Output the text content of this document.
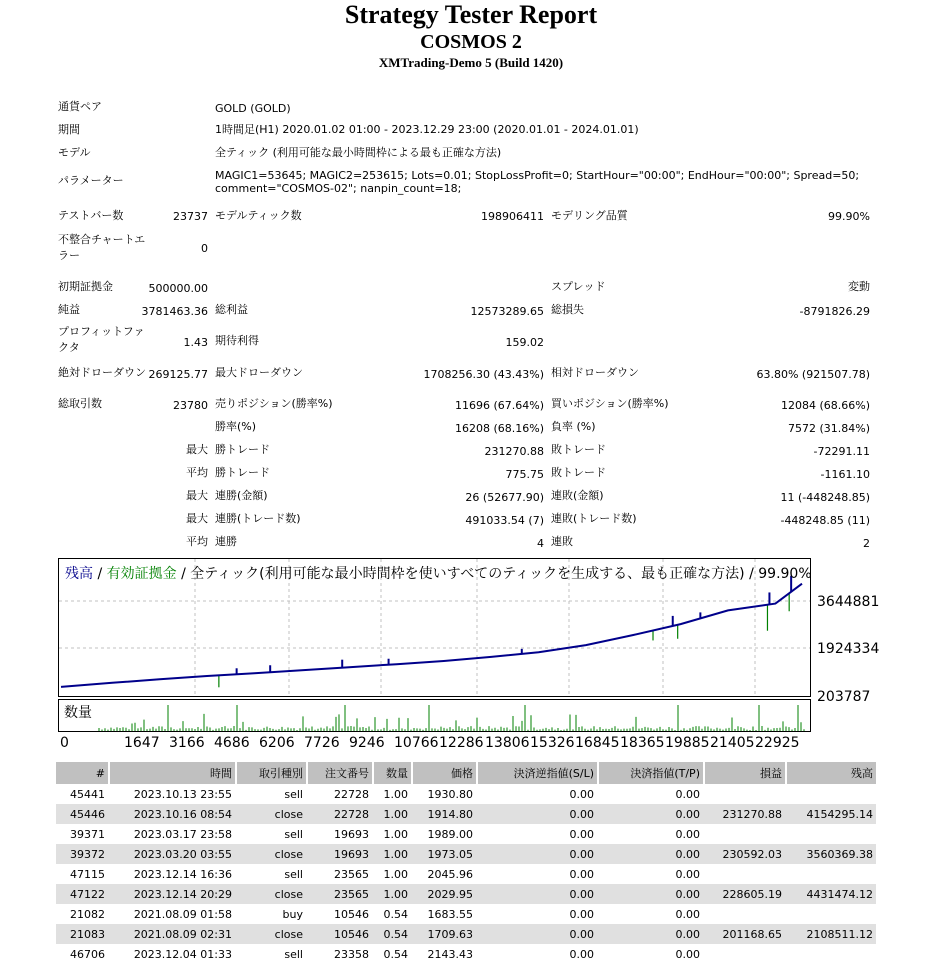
Strategy Tester Report
COSMOS 2
XMTrading-Demo 5 (Build 1420)
通貨ペア	GOLD (GOLD)
期間	1時間足(H1) 2020.01.02 01:00 - 2023.12.29 23:00 (2020.01.01 - 2024.01.01)
モデル	全ティック (利用可能な最小時間枠による最も正確な方法)
パラメーター	MAGIC1=53645; MAGIC2=253615; Lots=0.01; StopLossProfit=0; StartHour="00:00"; EndHour="00:00"; Spread=50;
comment="COSMOS-02"; nanpin_count=18;
テストバー数	23737 モデルティック数	198906411 モデリング品質	99.90%
不整合チャートエラー
0
初期証拠金	500000.00	スプレッド	変動
純益	3781463.36 総利益	12573289.65 総損失	-8791826.29
プロフィットファクタ	1.43 期待利得	159.02
絶対ドローダウン 269125.77 最大ドローダウン	1708256.30 (43.43%) 相対ドローダウン	63.80% (921507.78)
総取引数	23780 売りポジション(勝率%)	11696 (67.64%) 買いポジション(勝率%)	12084 (68.66%)
勝率(%)	16208 (68.16%) 負率 (%)	7572 (31.84%)
最大 勝トレード	231270.88 敗トレード	-72291.11
平均 勝トレード	775.75 敗トレード	-1161.10
最大 連勝(金額)	26 (52677.90) 連敗(金額)	11 (-448248.85)
最大 連勝(トレード数)	491033.54 (7) 連敗(トレード数)	-448248.85 (11)
平均 連勝	4 連敗	2
残高 / 有効証拠金 / 全ティック(利用可能な最小時間枠を使いすべてのティックを生成する、最も正確な方法) / 99.90%
3644881
1924334
203787
数量
0	1647 3166 4686 6206 7726 9246 10766 12286 13806 15326 16845 18365 19885 21405 22925
#	時間	取引種別	注文番号	数量	価格	決済逆指値(S/L)	決済指値(T/P)	損益	残高
45441	2023.10.13 23:55	sell	22728	1.00	1930.80	0.00	0.00		
45446	2023.10.16 08:54	close	22728	1.00	1914.80	0.00	0.00	231270.88	4154295.14
39371	2023.03.17 23:58	sell	19693	1.00	1989.00	0.00	0.00		
39372	2023.03.20 03:55	close	19693	1.00	1973.05	0.00	0.00	230592.03	3560369.38
47115	2023.12.14 16:36	sell	23565	1.00	2045.96	0.00	0.00		
47122	2023.12.14 20:29	close	23565	1.00	2029.95	0.00	0.00	228605.19	4431474.12
21082	2021.08.09 01:58	buy	10546	0.54	1683.55	0.00	0.00		
21083	2021.08.09 02:31	close	10546	0.54	1709.63	0.00	0.00	201168.65	2108511.12
46706	2023.12.04 01:33	sell	23358	0.54	2143.43	0.00	0.00		
